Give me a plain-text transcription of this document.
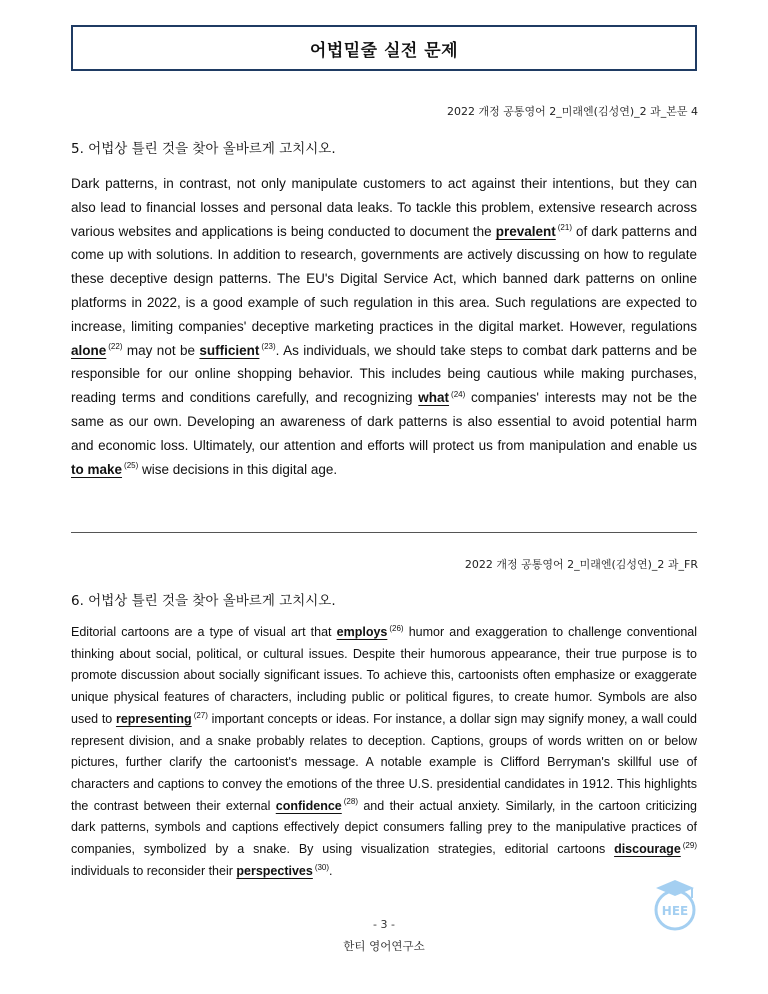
어법밑줄 실전 문제
2022 개정 공통영어 2_미래엔(김성연)_2 과_본문 4
5. 어법상 틀린 것을 찾아 올바르게 고치시오.
Dark patterns, in contrast, not only manipulate customers to act against their intentions, but they can also lead to financial losses and personal data leaks. To tackle this problem, extensive research across various websites and applications is being conducted to document the prevalent $^{(21)}$ of dark patterns and come up with solutions. In addition to research, governments are actively discussing on how to regulate these deceptive design patterns. The EU's Digital Service Act, which banned dark patterns on online platforms in 2022, is a good example of such regulation in this area. Such regulations are expected to increase, limiting companies' deceptive marketing practices in the digital market. However, regulations alone $^{(22)}$ may not be sufficient $^{(23)}$. As individuals, we should take steps to combat dark patterns and be responsible for our online shopping behavior. This includes being cautious while making purchases, reading terms and conditions carefully, and recognizing what $^{(24)}$ companies' interests may not be the same as our own. Developing an awareness of dark patterns is also essential to avoid potential harm and economic loss. Ultimately, our attention and efforts will protect us from manipulation and enable us to make $^{(25)}$ wise decisions in this digital age.
2022 개정 공통영어 2_미래엔(김성연)_2 과_FR
6. 어법상 틀린 것을 찾아 올바르게 고치시오.
Editorial cartoons are a type of visual art that employs $^{(26)}$ humor and exaggeration to challenge conventional thinking about social, political, or cultural issues. Despite their humorous appearance, their true purpose is to promote discussion about socially significant issues. To achieve this, cartoonists often emphasize or exaggerate unique physical features of characters, including public or political figures, to create humor. Symbols are also used to representing $^{(27)}$ important concepts or ideas. For instance, a dollar sign may signify money, a wall could represent division, and a snake probably relates to deception. Captions, groups of words written on or below pictures, further clarify the cartoonist's message. A notable example is Clifford Berryman's skillful use of characters and captions to convey the emotions of the three U.S. presidential candidates in 1912. This highlights the contrast between their external confidence $^{(28)}$ and their actual anxiety. Similarly, in the cartoon criticizing dark patterns, symbols and captions effectively depict consumers falling prey to the manipulative practices of companies, symbolized by a snake. By using visualization strategies, editorial cartoons discourage $^{(29)}$ individuals to reconsider their perspectives $^{(30)}$.
HEE
- 3 -
한티 영어연구소
